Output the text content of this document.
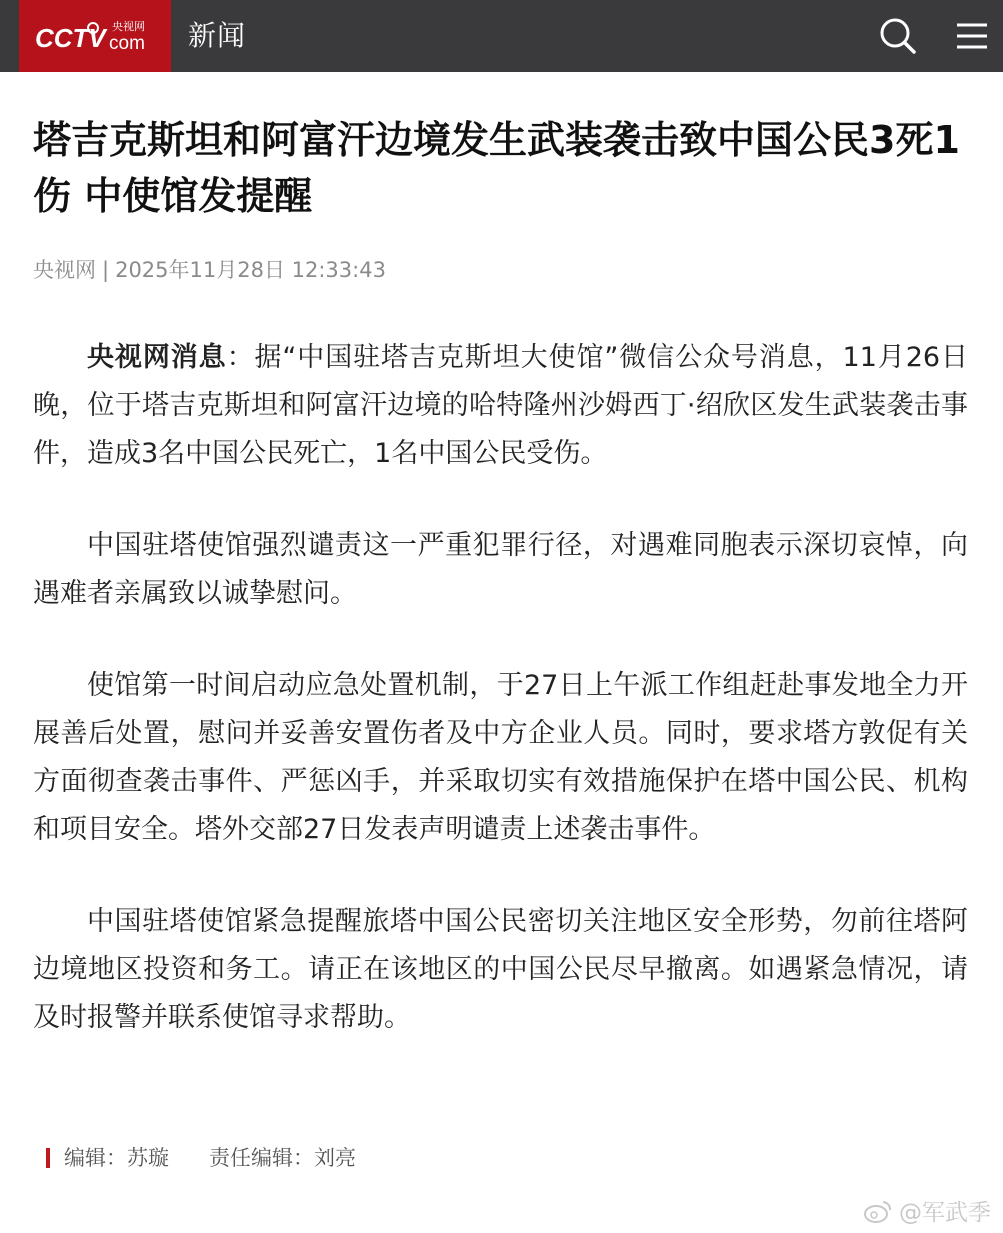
CCTV com
央视网 新闻
塔吉克斯坦和阿富汗边境发生武装袭击致中国公民3死1伤 中使馆发提醒
央视网 | 2025年11月28日 12:33:43

央视网消息：据“中国驻塔吉克斯坦大使馆”微信公众号消息，11月26日晚，位于塔吉克斯坦和阿富汗边境的哈特隆州沙姆西丁·绍欣区发生武装袭击事件，造成3名中国公民死亡，1名中国公民受伤。

中国驻塔使馆强烈谴责这一严重犯罪行径，对遇难同胞表示深切哀悼，向遇难者亲属致以诚挚慰问。

使馆第一时间启动应急处置机制，于27日上午派工作组赶赴事发地全力开展善后处置，慰问并妥善安置伤者及中方企业人员。同时，要求塔方敦促有关方面彻查袭击事件、严惩凶手，并采取切实有效措施保护在塔中国公民、机构和项目安全。塔外交部27日发表声明谴责上述袭击事件。

中国驻塔使馆紧急提醒旅塔中国公民密切关注地区安全形势，勿前往塔阿边境地区投资和务工。请正在该地区的中国公民尽早撤离。如遇紧急情况，请及时报警并联系使馆寻求帮助。

编辑：苏璇 责任编辑：刘亮
@军武季
